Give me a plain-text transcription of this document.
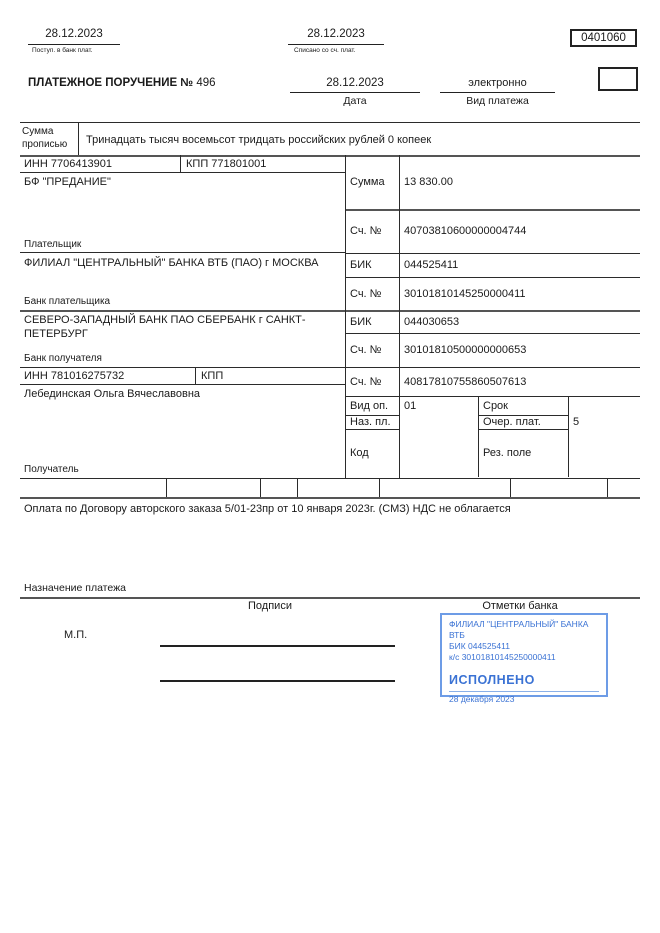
28.12.2023
Поступ. в банк плат.
28.12.2023
Списано со сч. плат.
0401060
ПЛАТЕЖНОЕ ПОРУЧЕНИЕ № 496	28.12.2023
Дата
электронно
Вид платежа
Сумма прописью	Тринадцать тысяч восемьсот тридцать российских рублей 0 копеек
ИНН 7706413901	КПП 771801001
БФ "ПРЕДАНИЕ"
Плательщик
Сумма 13 830.00
Сч. № 40703810600000004744
ФИЛИАЛ "ЦЕНТРАЛЬНЫЙ" БАНКА ВТБ (ПАО) г МОСКВА
Банк плательщика
БИК	044525411
Сч. № 30101810145250000411
СЕВЕРО-ЗАПАДНЫЙ БАНК ПАО СБЕРБАНК г САНКТ-ПЕТЕРБУРГ
Банк получателя
БИК	044030653
Сч. № 30101810500000000653
ИНН 781016275732	КПП
Лебединская Ольга Вячеславовна
Получатель
Сч. № 40817810755860507613
Вид оп. 01	Срок
Наз. пл.	Очер. плат.	5
Код	Рез. поле
Оплата по Договору авторского заказа 5/01-23пр от 10 января 2023г. (СМЗ) НДС не облагается
Назначение платежа
Подписи	Отметки банка
М.П.
ФИЛИАЛ "ЦЕНТРАЛЬНЫЙ" БАНКА ВТБ
БИК 044525411
к/с 30101810145250000411
ИСПОЛНЕНО
28 декабря 2023
